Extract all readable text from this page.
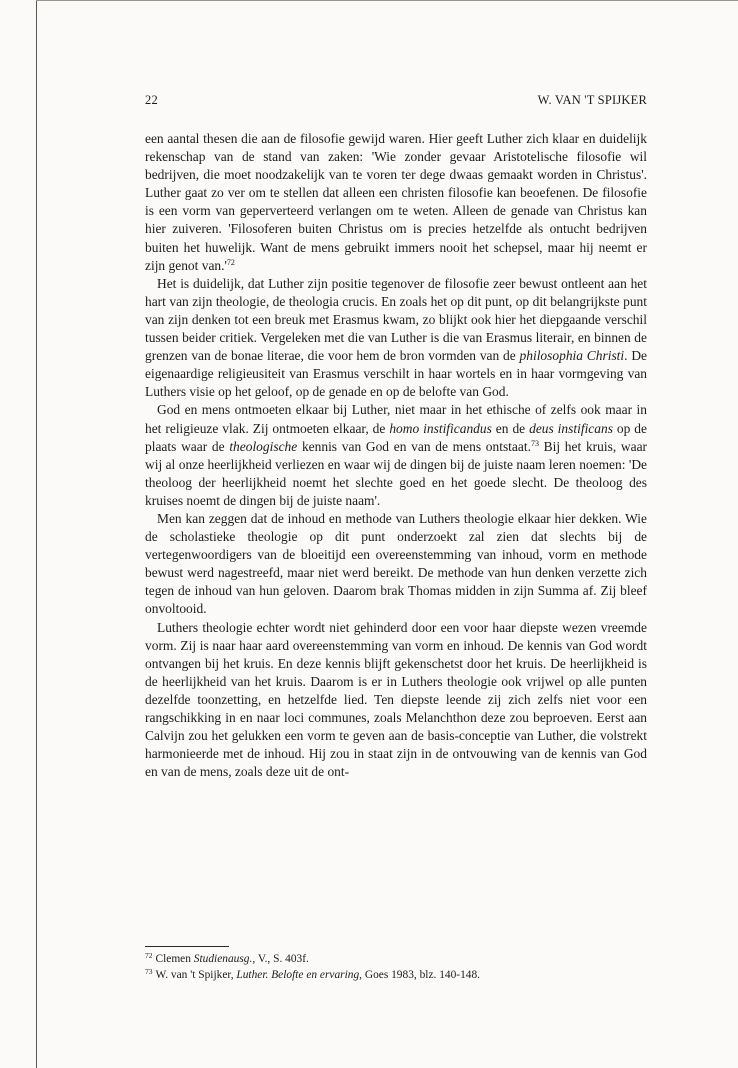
22	W. VAN 'T SPIJKER

een aantal thesen die aan de filosofie gewijd waren. Hier geeft Luther zich klaar en duidelijk rekenschap van de stand van zaken: 'Wie zonder gevaar Aristotelische filosofie wil bedrijven, die moet noodzakelijk van te voren ter dege dwaas gemaakt worden in Christus'. Luther gaat zo ver om te stellen dat alleen een christen filosofie kan beoefenen. De filosofie is een vorm van geperverteerd verlangen om te weten. Alleen de genade van Christus kan hier zuiveren. 'Filosoferen buiten Christus om is precies hetzelfde als ontucht bedrijven buiten het huwelijk. Want de mens gebruikt immers nooit het schepsel, maar hij neemt er zijn genot $van.'^{72}$

Het is duidelijk, dat Luther zijn positie tegenover de filosofie zeer bewust ontleent aan het hart van zijn theologie, de theologia crucis. En zoals het op dit punt, op dit belangrijkste punt van zijn denken tot een breuk met Erasmus kwam, zo blijkt ook hier het diepgaande verschil tussen beider critiek. Vergeleken met die van Luther is die van Erasmus literair, en binnen de grenzen van de bonae literae, die voor hem de bron vormden van de philosophia Christi. De eigenaardige religieusiteit van Erasmus verschilt in haar wortels en in haar vormgeving van Luthers visie op het geloof, op de genade en op de belofte van God.

God en mens ontmoeten elkaar bij Luther, niet maar in het ethische of zelfs ook maar in het religieuze vlak. Zij ontmoeten elkaar, de homo instificandus en de deus instificans op de plaats waar de theologische kennis van God en van de mens ontstaat.$^{73}$ Bij het kruis, waar wij al onze heerlijkheid verliezen en waar wij de dingen bij de juiste naam leren noemen: 'De theoloog der heerlijkheid noemt het slechte goed en het goede slecht. De theoloog des kruises noemt de dingen bij de juiste naam'.

Men kan zeggen dat de inhoud en methode van Luthers theologie elkaar hier dekken. Wie de scholastieke theologie op dit punt onderzoekt zal zien dat slechts bij de vertegenwoordigers van de bloeitijd een overeenstemming van inhoud, vorm en methode bewust werd nagestreefd, maar niet werd bereikt. De methode van hun denken verzette zich tegen de inhoud van hun geloven. Daarom brak Thomas midden in zijn Summa af. Zij bleef onvoltooid.

Luthers theologie echter wordt niet gehinderd door een voor haar diepste wezen vreemde vorm. Zij is naar haar aard overeenstemming van vorm en inhoud. De kennis van God wordt ontvangen bij het kruis. En deze kennis blijft gekenschetst door het kruis. De heerlijkheid is de heerlijkheid van het kruis. Daarom is er in Luthers theologie ook vrijwel op alle punten dezelfde toonzetting, en hetzelfde lied. Ten diepste leende zij zich zelfs niet voor een rangschikking in en naar loci communes, zoals Melanchthon deze zou beproeven. Eerst aan Calvijn zou het gelukken een vorm te geven aan de basis-conceptie van Luther, die volstrekt harmonieerde met de inhoud. Hij zou in staat zijn in de ontvouwing van de kennis van God en van de mens, zoals deze uit de ont-

$^{72}$ Clemen Studienausg., V., S. 403f.
$^{73}$ W. van 't Spijker, Luther. Belofte en ervaring, Goes 1983, blz. 140-148.
